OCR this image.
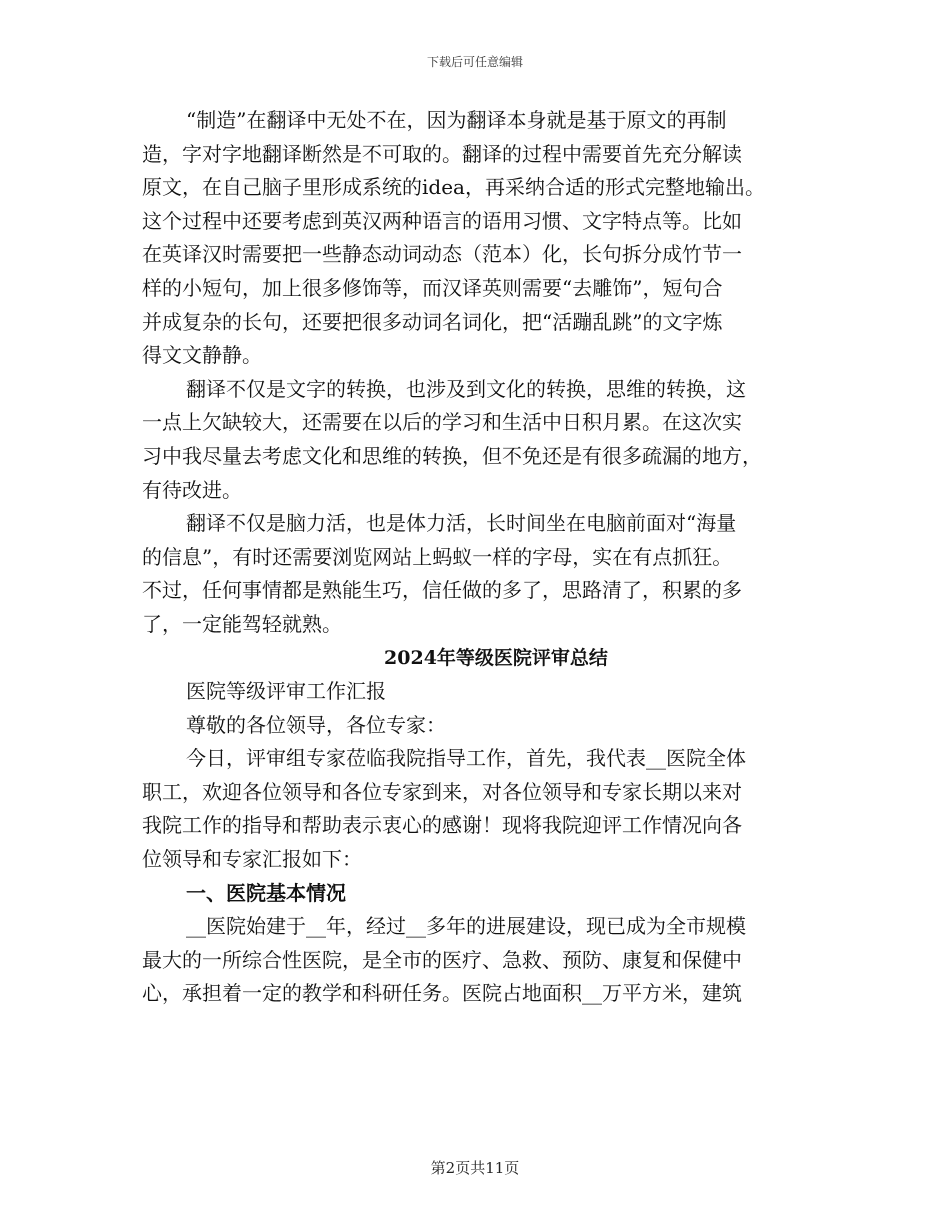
下载后可任意编辑
“制造”在翻译中无处不在，因为翻译本身就是基于原文的再制
造，字对字地翻译断然是不可取的。翻译的过程中需要首先充分解读
原文，在自己脑子里形成系统的idea，再采纳合适的形式完整地输出。
这个过程中还要考虑到英汉两种语言的语用习惯、文字特点等。比如
在英译汉时需要把一些静态动词动态（范本）化，长句拆分成竹节一
样的小短句，加上很多修饰等，而汉译英则需要“去雕饰”，短句合
并成复杂的长句，还要把很多动词名词化，把“活蹦乱跳”的文字炼
得文文静静。
翻译不仅是文字的转换，也涉及到文化的转换，思维的转换，这
一点上欠缺较大，还需要在以后的学习和生活中日积月累。在这次实
习中我尽量去考虑文化和思维的转换，但不免还是有很多疏漏的地方，
有待改进。
翻译不仅是脑力活，也是体力活，长时间坐在电脑前面对“海量
的信息”，有时还需要浏览网站上蚂蚁一样的字母，实在有点抓狂。
不过，任何事情都是熟能生巧，信任做的多了，思路清了，积累的多
了，一定能驾轻就熟。
2024年等级医院评审总结
医院等级评审工作汇报
尊敬的各位领导，各位专家：
今日，评审组专家莅临我院指导工作，首先，我代表__医院全体
职工，欢迎各位领导和各位专家到来，对各位领导和专家长期以来对
我院工作的指导和帮助表示衷心的感谢！现将我院迎评工作情况向各
位领导和专家汇报如下：
一、医院基本情况
__医院始建于__年，经过__多年的进展建设，现已成为全市规模
最大的一所综合性医院，是全市的医疗、急救、预防、康复和保健中
心，承担着一定的教学和科研任务。医院占地面积__万平方米，建筑
第2页共11页
